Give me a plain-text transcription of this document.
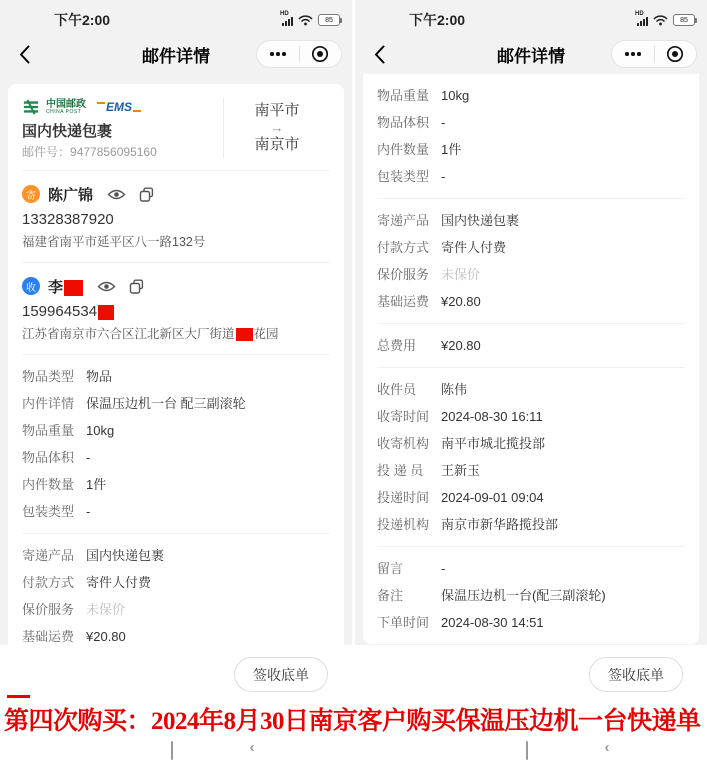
下午2:00	HD
85
邮件详情
中国邮政
CHINA POST	EMS
国内快递包裹
邮件号：9477856095160
南平市
→
南京市
寄 陈广锦
13328387920
福建省南平市延平区八一路132号
收 李
159964534
江苏省南京市六合区江北新区大厂街道 花园
物品类型 物品
内件详情 保温压边机一台 配三副滚轮
物品重量 10kg
物品体积 -
内件数量 1件
包装类型 -
寄递产品 国内快递包裹
付款方式 寄件人付费
保价服务 未保价
基础运费 ¥20.80
签收底单
‹
下午2:00	HD
85
邮件详情
物品重量 10kg
物品体积 -
内件数量 1件
包装类型 -
寄递产品 国内快递包裹
付款方式 寄件人付费
保价服务 未保价
基础运费 ¥20.80
总费用	¥20.80
收件员	陈伟
收寄时间 2024-08-30 16:11
收寄机构 南平市城北揽投部
投 递 员	王新玉
投递时间 2024-09-01 09:04
投递机构 南京市新华路揽投部
留言	-
备注	保温压边机一台(配三副滚轮)
下单时间 2024-08-30 14:51
签收底单
‹
第四次购买：2024年8月30日南京客户购买保温压边机一台快递单
